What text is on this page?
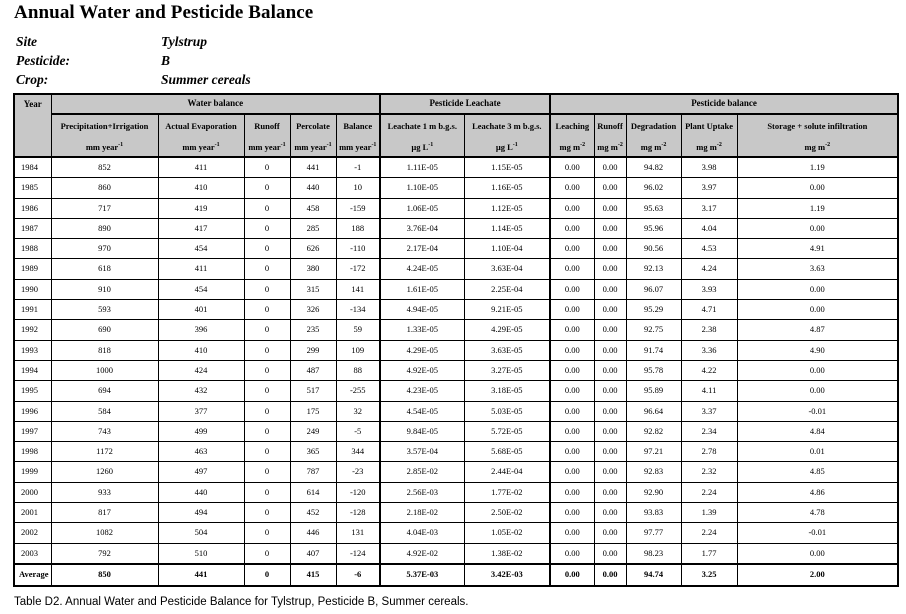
Annual Water and Pesticide Balance
Site	Tylstrup
Pesticide:	B
Crop:	Summer cereals
Year	Water balance					Pesticide Leachate		Pesticide balance				
	Precipitation+Irrigation	Actual Evaporation	Runoff	Percolate	Balance	Leachate 1 m b.g.s.	Leachate 3 m b.g.s.	Leaching	Runoff	Degradation	Plant Uptake	Storage + solute infiltration
	mm year$^{-1}$	mm year$^{-1}$	mm year$^{-1}$	mm year$^{-1}$	mm year$^{-1}$	µg $L^{-1}$	µg $L^{-1}$	mg $m^{-2}$	mg $m^{-2}$	mg $m^{-2}$	mg $m^{-2}$	mg $m^{-2}$
1984	852	411	0	441	-1	1.11E-05	1.15E-05	0.00	0.00	94.82	3.98	1.19
1985	860	410	0	440	10	1.10E-05	1.16E-05	0.00	0.00	96.02	3.97	0.00
1986	717	419	0	458	-159	1.06E-05	1.12E-05	0.00	0.00	95.63	3.17	1.19
1987	890	417	0	285	188	3.76E-04	1.14E-05	0.00	0.00	95.96	4.04	0.00
1988	970	454	0	626	-110	2.17E-04	1.10E-04	0.00	0.00	90.56	4.53	4.91
1989	618	411	0	380	-172	4.24E-05	3.63E-04	0.00	0.00	92.13	4.24	3.63
1990	910	454	0	315	141	1.61E-05	2.25E-04	0.00	0.00	96.07	3.93	0.00
1991	593	401	0	326	-134	4.94E-05	9.21E-05	0.00	0.00	95.29	4.71	0.00
1992	690	396	0	235	59	1.33E-05	4.29E-05	0.00	0.00	92.75	2.38	4.87
1993	818	410	0	299	109	4.29E-05	3.63E-05	0.00	0.00	91.74	3.36	4.90
1994	1000	424	0	487	88	4.92E-05	3.27E-05	0.00	0.00	95.78	4.22	0.00
1995	694	432	0	517	-255	4.23E-05	3.18E-05	0.00	0.00	95.89	4.11	0.00
1996	584	377	0	175	32	4.54E-05	5.03E-05	0.00	0.00	96.64	3.37	-0.01
1997	743	499	0	249	-5	9.84E-05	5.72E-05	0.00	0.00	92.82	2.34	4.84
1998	1172	463	0	365	344	3.57E-04	5.68E-05	0.00	0.00	97.21	2.78	0.01
1999	1260	497	0	787	-23	2.85E-02	2.44E-04	0.00	0.00	92.83	2.32	4.85
2000	933	440	0	614	-120	2.56E-03	1.77E-02	0.00	0.00	92.90	2.24	4.86
2001	817	494	0	452	-128	2.18E-02	2.50E-02	0.00	0.00	93.83	1.39	4.78
2002	1082	504	0	446	131	4.04E-03	1.05E-02	0.00	0.00	97.77	2.24	-0.01
2003	792	510	0	407	-124	4.92E-02	1.38E-02	0.00	0.00	98.23	1.77	0.00
Average	850	441	0	415	-6	5.37E-03	3.42E-03	0.00	0.00	94.74	3.25	2.00
Table D2. Annual Water and Pesticide Balance for Tylstrup, Pesticide B, Summer cereals.
